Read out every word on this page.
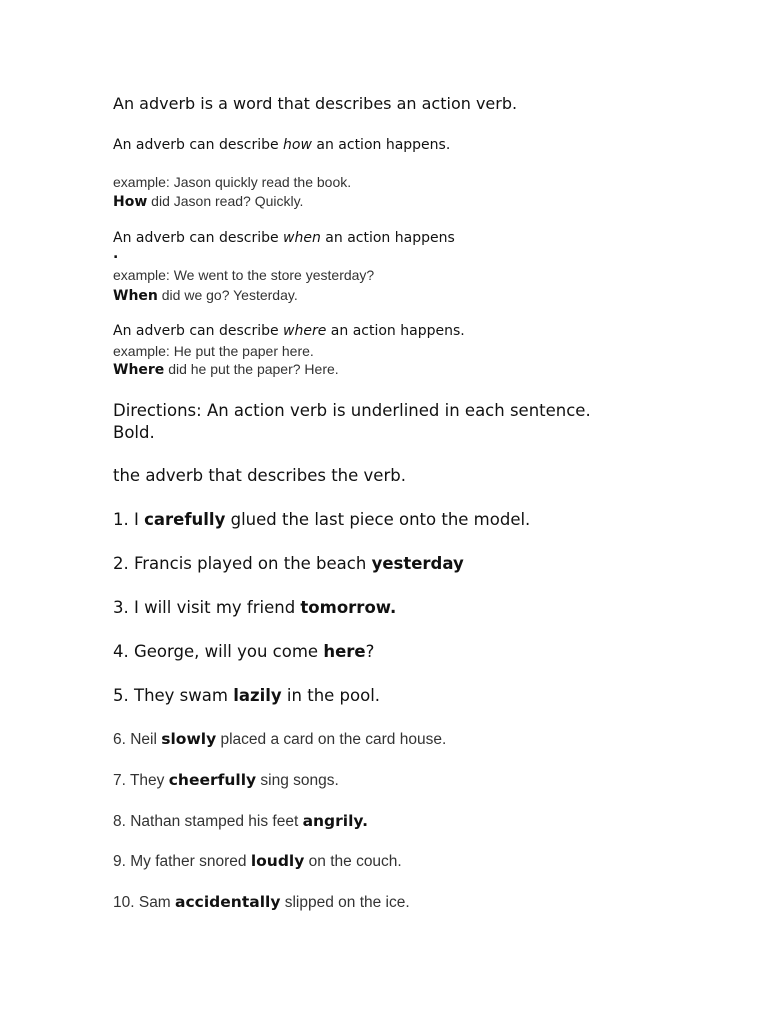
An adverb is a word that describes an action verb.
An adverb can describe how an action happens.
example: Jason quickly read the book.
How did Jason read? Quickly.
An adverb can describe when an action happens
.
example: We went to the store yesterday?
When did we go? Yesterday.
An adverb can describe where an action happens.
example: He put the paper here.
Where did he put the paper? Here.
Directions: An action verb is underlined in each sentence.
Bold.
the adverb that describes the verb.
1. I carefully glued the last piece onto the model.
2. Francis played on the beach yesterday
3. I will visit my friend tomorrow.
4. George, will you come here?
5. They swam lazily in the pool.
6. Neil slowly placed a card on the card house.
7. They cheerfully sing songs.
8. Nathan stamped his feet angrily.
9. My father snored loudly on the couch.
10. Sam accidentally slipped on the ice.
